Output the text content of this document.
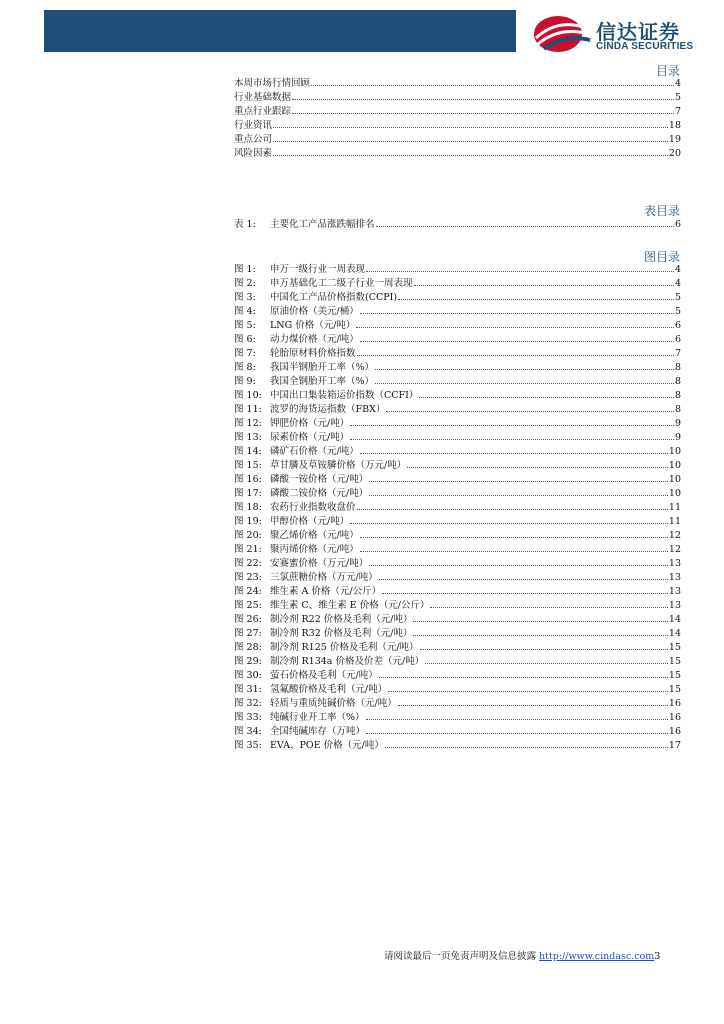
信达证券
CINDA SECURITIES
目录
本周市场行情回顾	4
行业基础数据	5
重点行业跟踪	7
行业资讯	18
重点公司	19
风险因素	20
表目录
表 1: 主要化工产品涨跌幅排名	6
图目录
图 1: 申万一级行业一周表现	4
图 2: 申万基础化工二级子行业一周表现	4
图 3: 中国化工产品价格指数(CCPI)	5
图 4: 原油价格（美元/桶）	5
图 5: LNG 价格（元/吨）	6
图 6: 动力煤价格（元/吨）	6
图 7: 轮胎原材料价格指数	7
图 8: 我国半钢胎开工率（%）	8
图 9: 我国全钢胎开工率（%）	8
图 10: 中国出口集装箱运价指数（CCFI）	8
图 11: 波罗的海货运指数（FBX）	8
图 12: 钾肥价格（元/吨）	9
图 13: 尿素价格（元/吨）	9
图 14: 磷矿石价格（元/吨）	10
图 15: 草甘膦及草铵膦价格（万元/吨）	10
图 16: 磷酸一铵价格（元/吨）	10
图 17: 磷酸二铵价格（元/吨）	10
图 18: 农药行业指数收盘价	11
图 19: 甲醇价格（元/吨）	11
图 20: 聚乙烯价格（元/吨）	12
图 21: 聚丙烯价格（元/吨）	12
图 22: 安赛蜜价格（万元/吨）	13
图 23: 三氯蔗糖价格（万元/吨）	13
图 24: 维生素 A 价格（元/公斤）	13
图 25: 维生素 C、维生素 E 价格（元/公斤）	13
图 26: 制冷剂 R22 价格及毛利（元/吨）	14
图 27: 制冷剂 R32 价格及毛利（元/吨）	14
图 28: 制冷剂 R125 价格及毛利（元/吨）	15
图 29: 制冷剂 R134a 价格及价差（元/吨）	15
图 30: 萤石价格及毛利（元/吨）	15
图 31: 氢氟酸价格及毛利（元/吨）	15
图 32: 轻质与重质纯碱价格（元/吨）	16
图 33: 纯碱行业开工率（%）	16
图 34: 全国纯碱库存（万吨）	16
图 35: EVA、POE 价格（元/吨）	17
请阅读最后一页免责声明及信息披露 http://www.cindasc.com3
